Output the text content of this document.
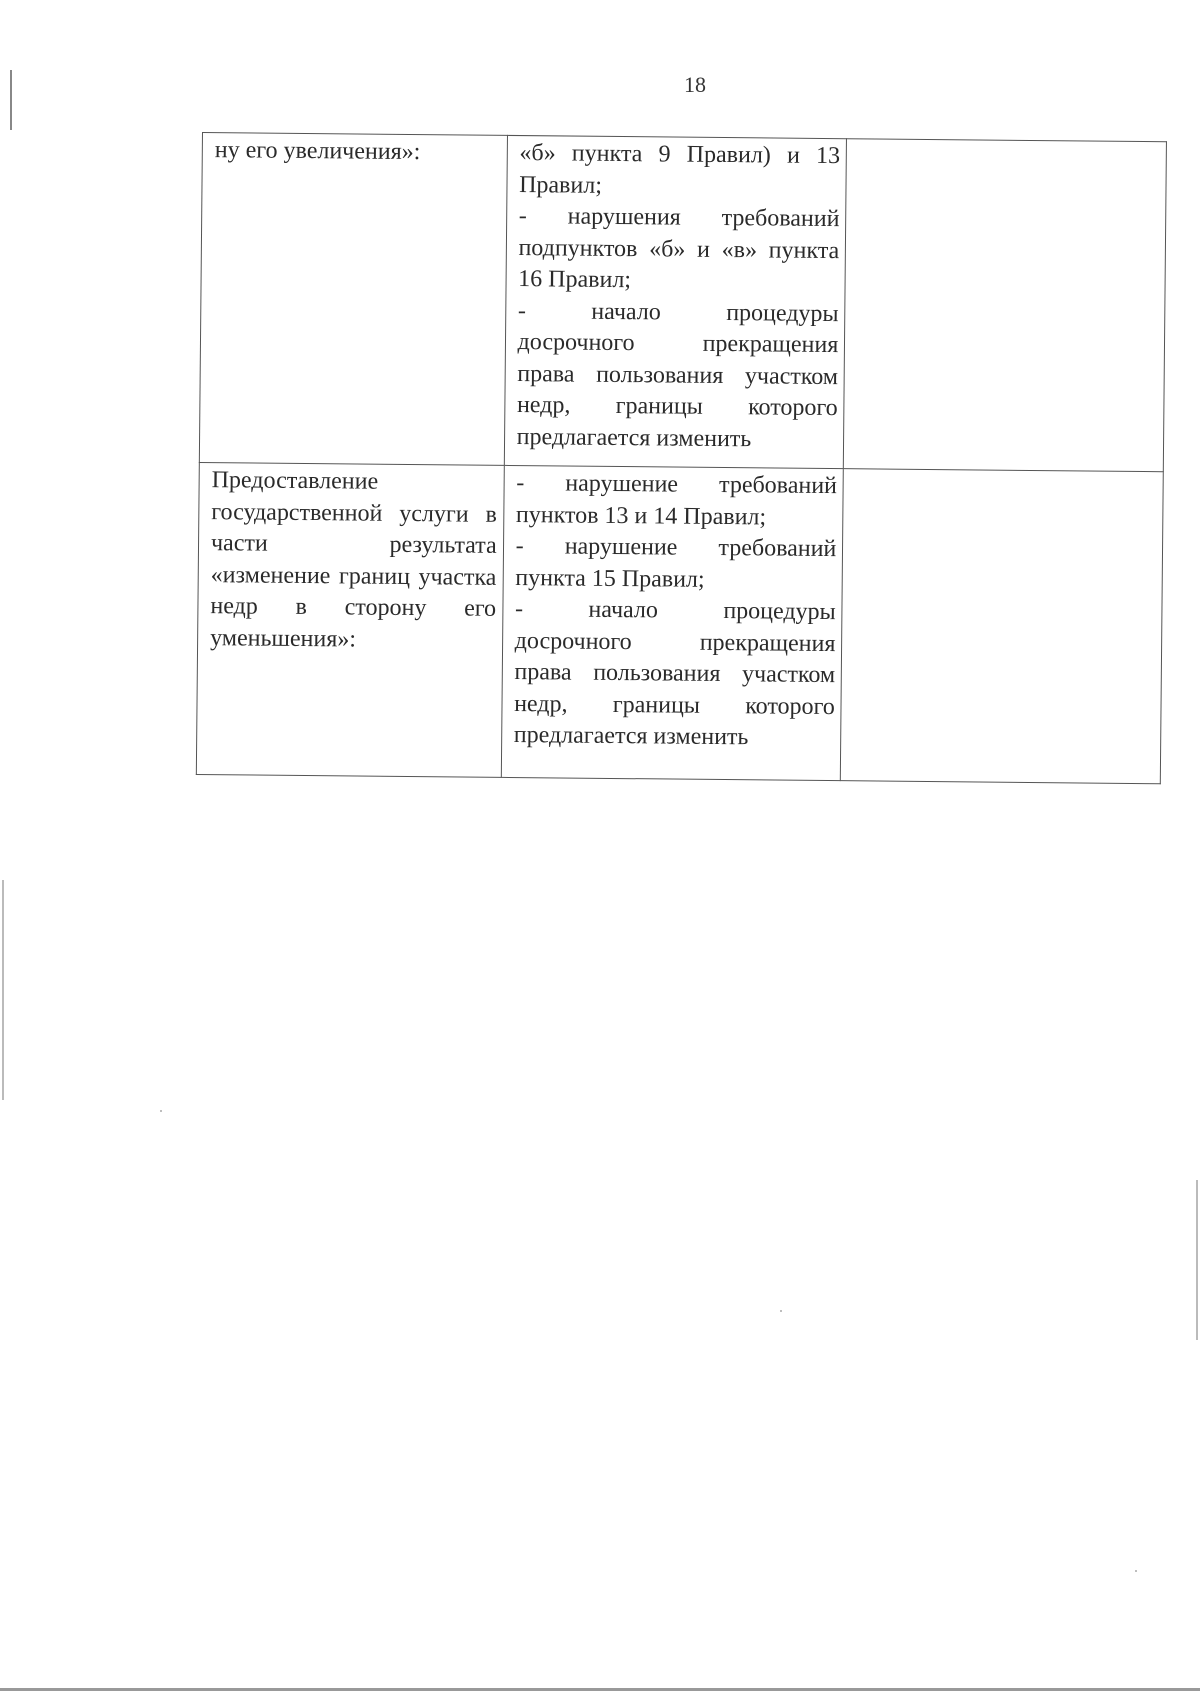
18
ну его увеличения»:	«б» пункта 9 Правил) и 13 Правил;
- нарушения требований подпунктов «б» и «в» пункта 16 Правил;
- начало процедуры досрочного прекращения права пользования участком недр, границы которого предлагается изменить	

Предоставление государственной услуги в части результата «изменение границ участка недр в сторону его уменьшения»:	- нарушение требований пунктов 13 и 14 Правил;
- нарушение требований пункта 15 Правил;
- начало процедуры досрочного прекращения права пользования участком недр, границы которого предлагается изменить	
